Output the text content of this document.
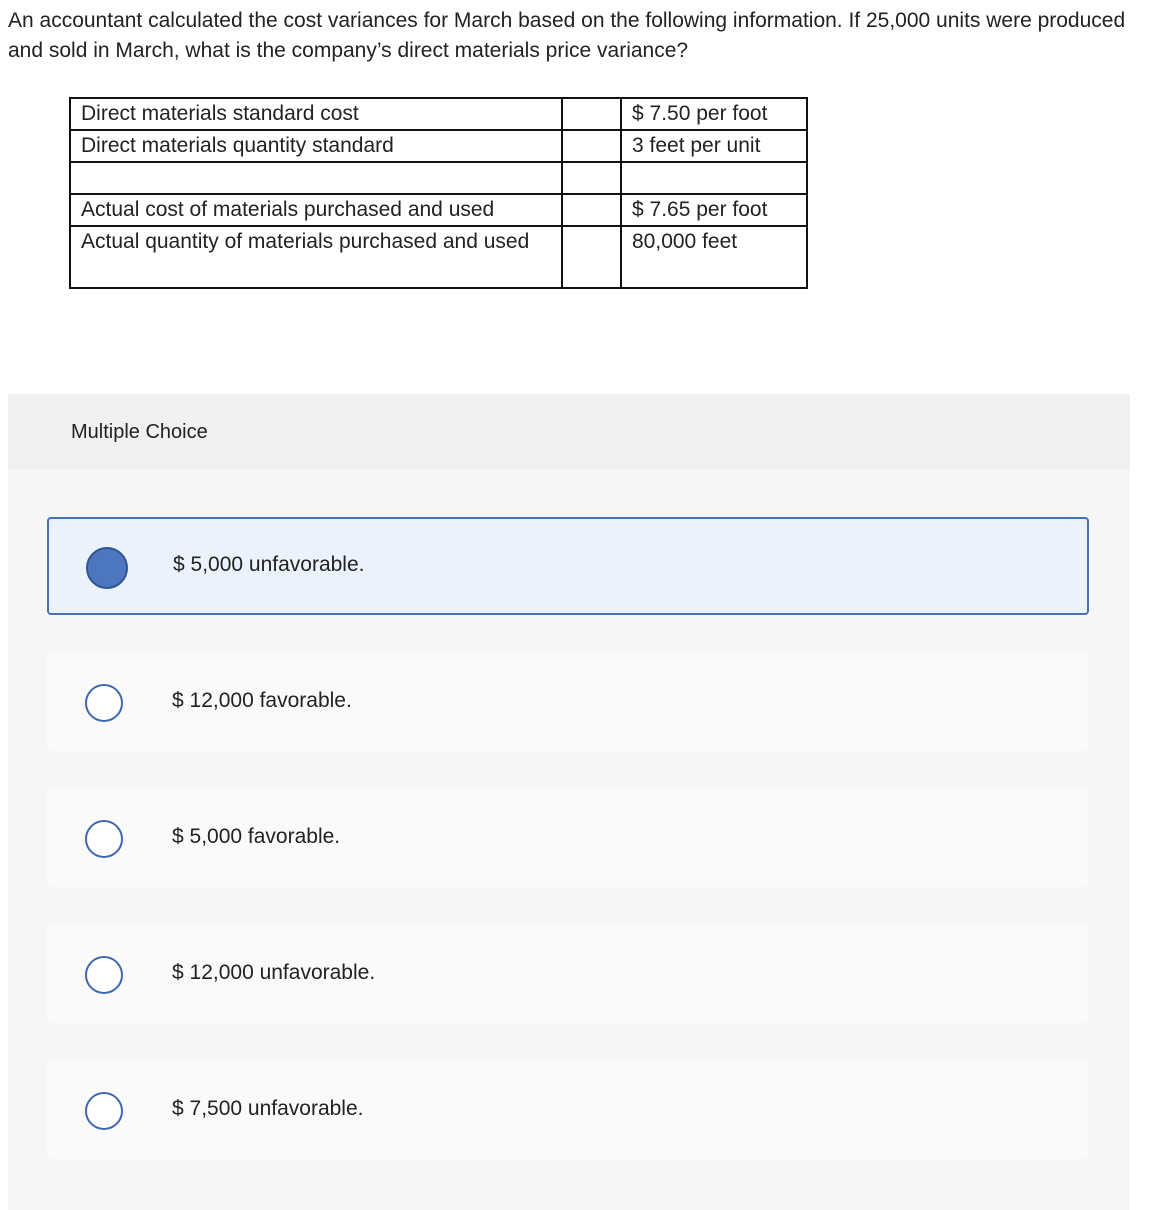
An accountant calculated the cost variances for March based on the following information. If 25,000 units were produced and sold in March, what is the company’s direct materials price variance?
Direct materials standard cost		$ 7.50 per foot
Direct materials quantity standard		3 feet per unit

Actual cost of materials purchased and used		$ 7.65 per foot
Actual quantity of materials purchased and used		80,000 feet
Multiple Choice
$ 5,000 unfavorable.
$ 12,000 favorable.
$ 5,000 favorable.
$ 12,000 unfavorable.
$ 7,500 unfavorable.
